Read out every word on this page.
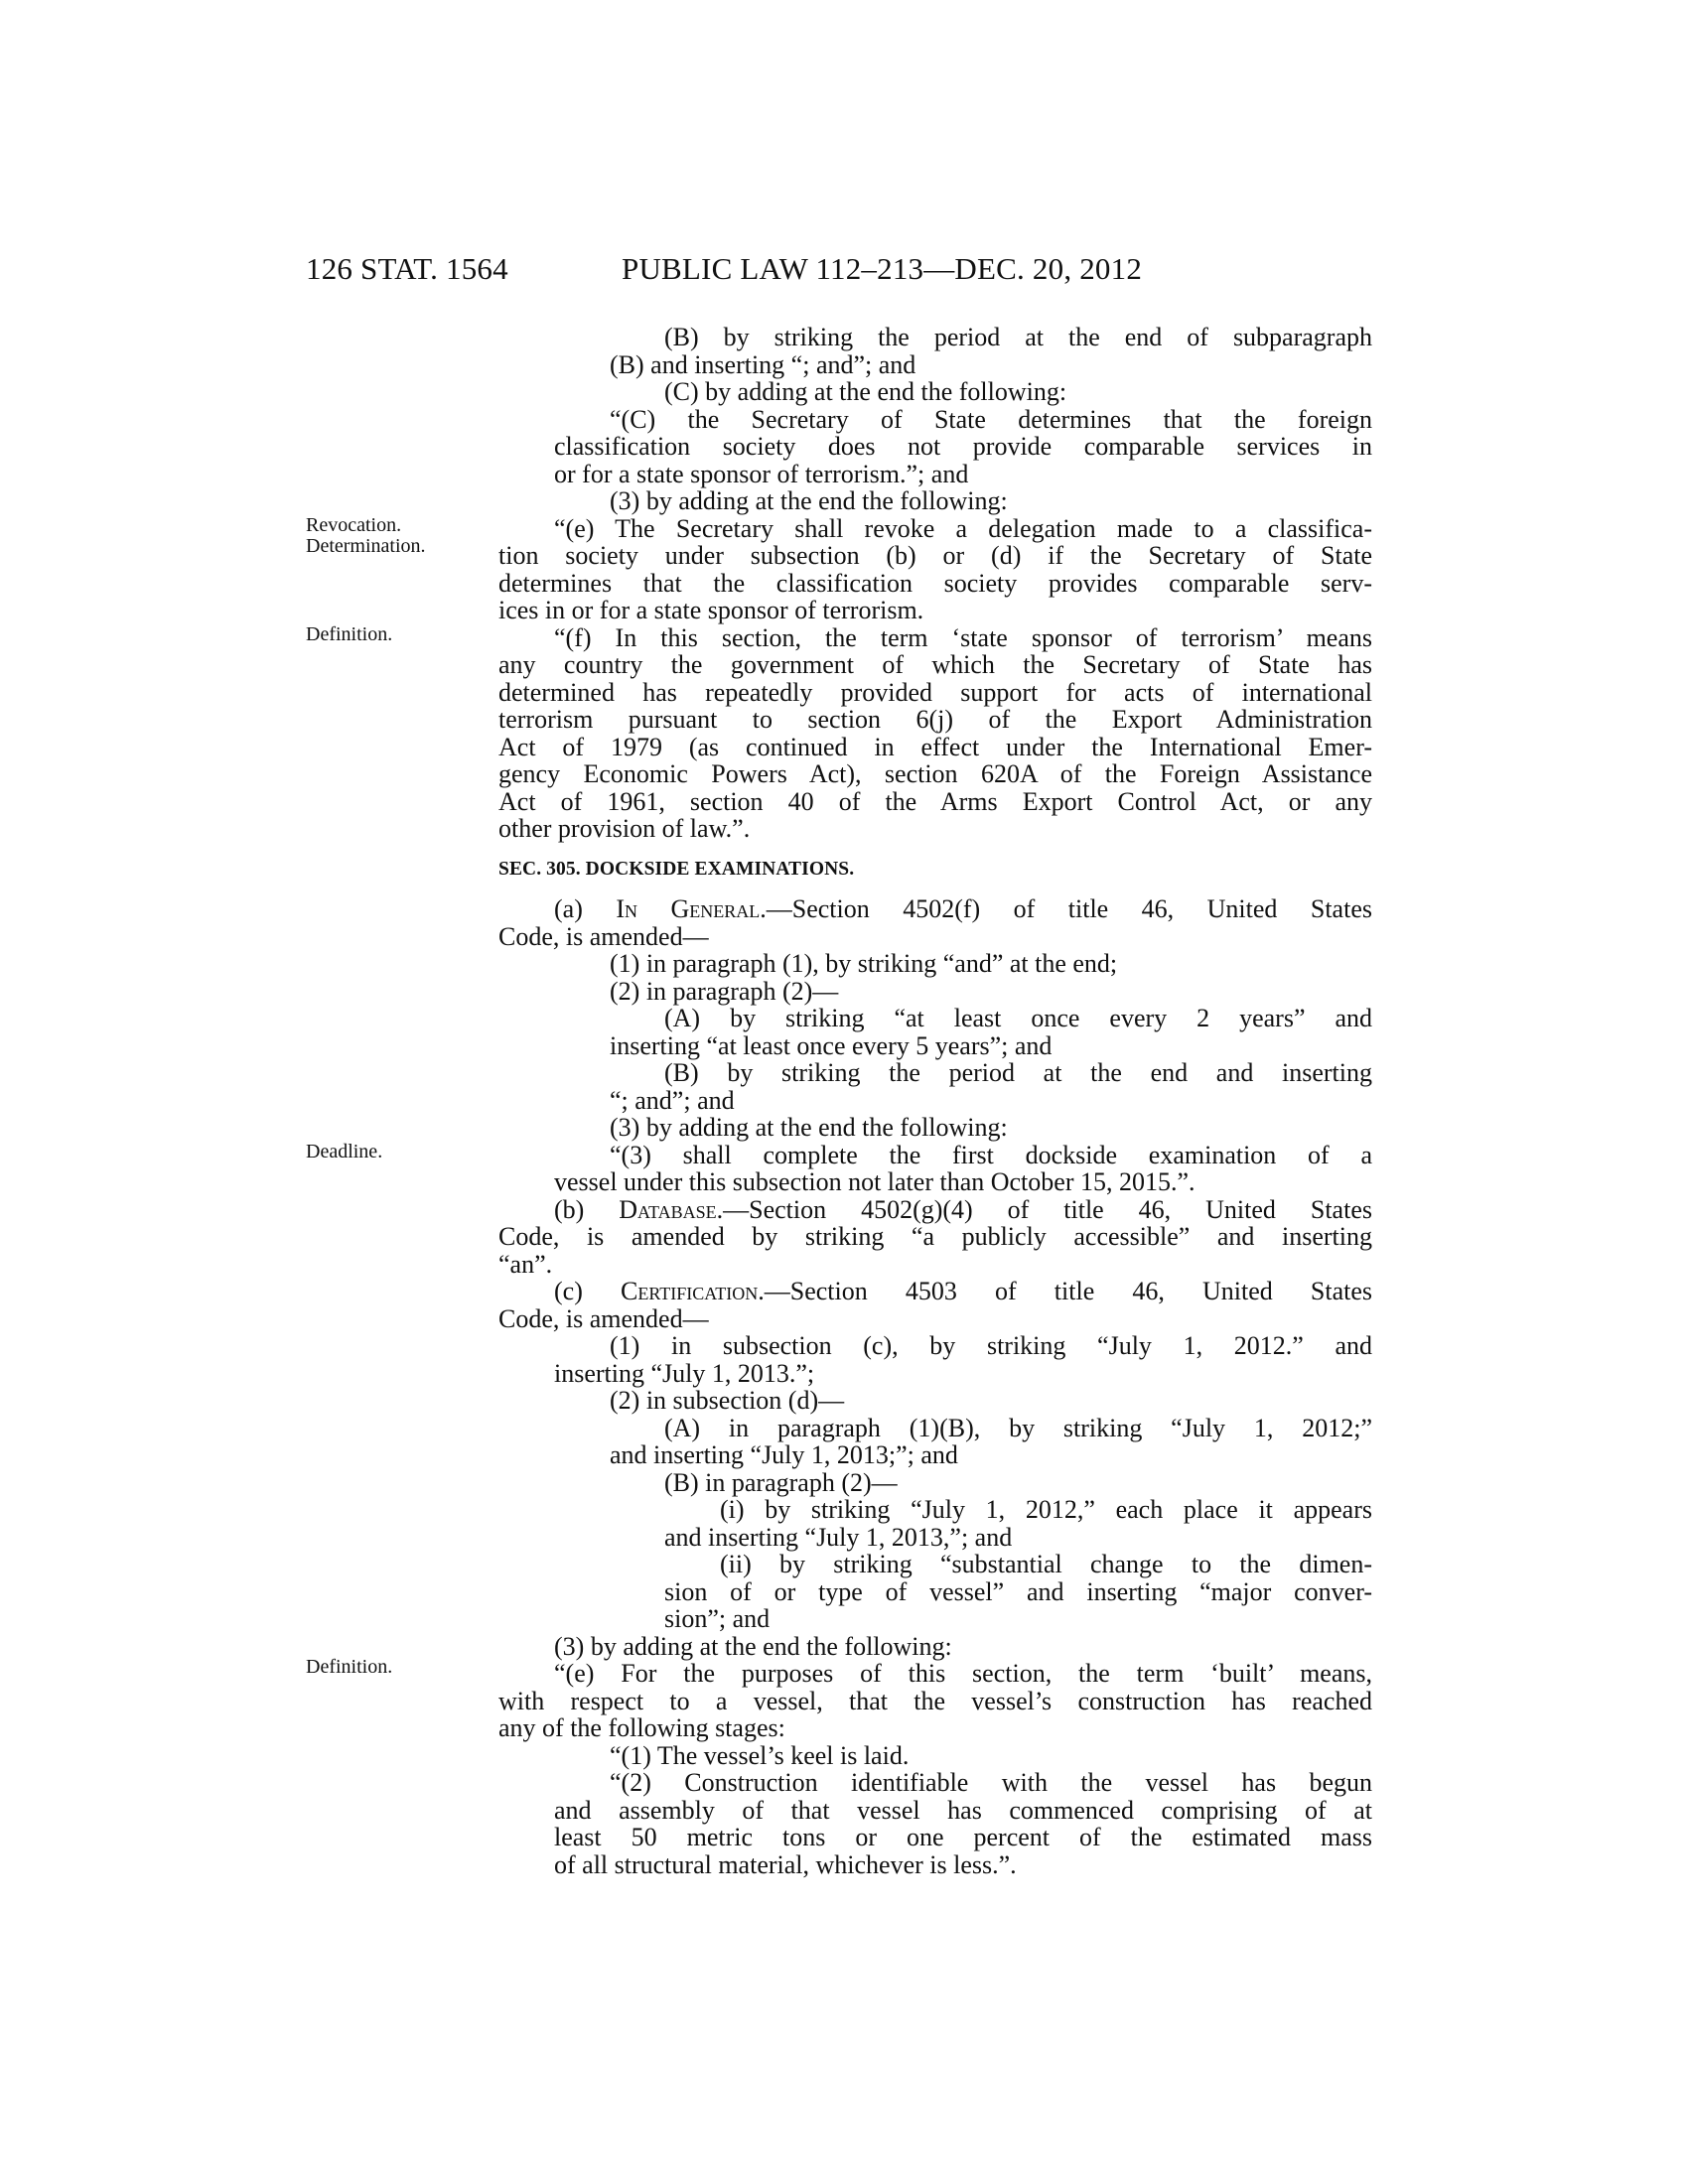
126 STAT. 1564	PUBLIC LAW 112–213—DEC. 20, 2012
Revocation.
Determination.
Definition.
Deadline.
Definition.
(B) by striking the period at the end of subparagraph
(B) and inserting “; and”; and
(C) by adding at the end the following:
“(C) the Secretary of State determines that the foreign
classification society does not provide comparable services in
or for a state sponsor of terrorism.”; and
(3) by adding at the end the following:
“(e) The Secretary shall revoke a delegation made to a classifica-
tion society under subsection (b) or (d) if the Secretary of State
determines that the classification society provides comparable serv-
ices in or for a state sponsor of terrorism.
“(f) In this section, the term ‘state sponsor of terrorism’ means
any country the government of which the Secretary of State has
determined has repeatedly provided support for acts of international
terrorism pursuant to section 6(j) of the Export Administration
Act of 1979 (as continued in effect under the International Emer-
gency Economic Powers Act), section 620A of the Foreign Assistance
Act of 1961, section 40 of the Arms Export Control Act, or any
other provision of law.”.
SEC. 305. DOCKSIDE EXAMINATIONS.
(a) In General.—Section 4502(f) of title 46, United States
Code, is amended—
(1) in paragraph (1), by striking “and” at the end;
(2) in paragraph (2)—
(A) by striking “at least once every 2 years” and
inserting “at least once every 5 years”; and
(B) by striking the period at the end and inserting
“; and”; and
(3) by adding at the end the following:
“(3) shall complete the first dockside examination of a
vessel under this subsection not later than October 15, 2015.”.
(b) Database.—Section 4502(g)(4) of title 46, United States
Code, is amended by striking “a publicly accessible” and inserting
“an”.
(c) Certification.—Section 4503 of title 46, United States
Code, is amended—
(1) in subsection (c), by striking “July 1, 2012.” and
inserting “July 1, 2013.”;
(2) in subsection (d)—
(A) in paragraph (1)(B), by striking “July 1, 2012;”
and inserting “July 1, 2013;”; and
(B) in paragraph (2)—
(i) by striking “July 1, 2012,” each place it appears
and inserting “July 1, 2013,”; and
(ii) by striking “substantial change to the dimen-
sion of or type of vessel” and inserting “major conver-
sion”; and
(3) by adding at the end the following:
“(e) For the purposes of this section, the term ‘built’ means,
with respect to a vessel, that the vessel’s construction has reached
any of the following stages:
“(1) The vessel’s keel is laid.
“(2) Construction identifiable with the vessel has begun
and assembly of that vessel has commenced comprising of at
least 50 metric tons or one percent of the estimated mass
of all structural material, whichever is less.”.
